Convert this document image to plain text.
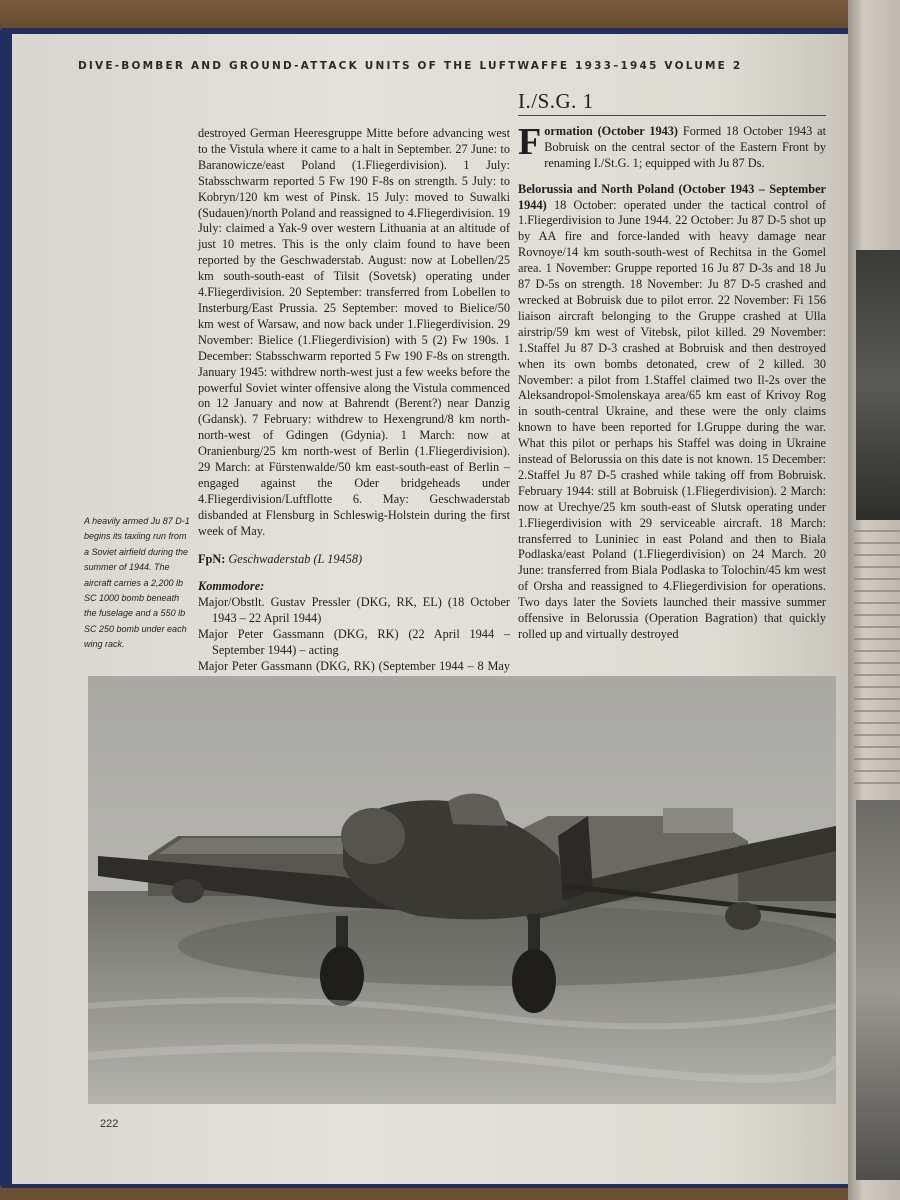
DIVE-BOMBER AND GROUND-ATTACK UNITS OF THE LUFTWAFFE 1933–1945 VOLUME 2
A heavily armed Ju 87 D-1 begins its taxiing run from a Soviet airfield during the summer of 1944. The aircraft carries a 2,200 lb SC 1000 bomb beneath the fuselage and a 550 lb SC 250 bomb under each wing rack.

destroyed German Heeresgruppe Mitte before advancing west to the Vistula where it came to a halt in September. 27 June: to Baranowicze/east Poland (1.Fliegerdivision). 1 July: Stabsschwarm reported 5 Fw 190 F-8s on strength. 5 July: to Kobryn/120 km west of Pinsk. 15 July: moved to Suwalki (Sudauen)/north Poland and reassigned to 4.Fliegerdivision. 19 July: claimed a Yak-9 over western Lithuania at an altitude of just 10 metres. This is the only claim found to have been reported by the Geschwaderstab. August: now at Lobellen/25 km south-south-east of Tilsit (Sovetsk) operating under 4.Fliegerdivision. 20 September: transferred from Lobellen to Insterburg/East Prussia. 25 September: moved to Bielice/50 km west of Warsaw, and now back under 1.Fliegerdivision. 29 November: Bielice (1.Fliegerdivision) with 5 (2) Fw 190s. 1 December: Stabsschwarm reported 5 Fw 190 F-8s on strength. January 1945: withdrew north-west just a few weeks before the powerful Soviet winter offensive along the Vistula commenced on 12 January and now at Bahrendt (Berent?) near Danzig (Gdansk). 7 February: withdrew to Hexengrund/8 km north-north-west of Gdingen (Gdynia). 1 March: now at Oranienburg/25 km north-west of Berlin (1.Fliegerdivision). 29 March: at Fürstenwalde/50 km east-south-east of Berlin – engaged against the Oder bridgeheads under 4.Fliegerdivision/Luftflotte 6. May: Geschwaderstab disbanded at Flensburg in Schleswig-Holstein during the first week of May.

FpN: Geschwaderstab (L 19458)

Kommodore:

Major/Obstlt. Gustav Pressler (DKG, RK, EL) (18 October 1943 – 22 April 1944)

Major Peter Gassmann (DKG, RK) (22 April 1944 – September 1944) – acting

Major Peter Gassmann (DKG, RK) (September 1944 – 8 May

I./S.G. 1

F ormation (October 1943) Formed 18 October 1943 at Bobruisk on the central sector of the Eastern Front by renaming I./St.G. 1; equipped with Ju 87 Ds.

Belorussia and North Poland (October 1943 – September 1944) 18 October: operated under the tactical control of 1.Fliegerdivision to June 1944. 22 October: Ju 87 D-5 shot up by AA fire and force-landed with heavy damage near Rovnoye/14 km south-south-west of Rechitsa in the Gomel area. 1 November: Gruppe reported 16 Ju 87 D-3s and 18 Ju 87 D-5s on strength. 18 November: Ju 87 D-5 crashed and wrecked at Bobruisk due to pilot error. 22 November: Fi 156 liaison aircraft belonging to the Gruppe crashed at Ulla airstrip/59 km west of Vitebsk, pilot killed. 29 November: 1.Staffel Ju 87 D-3 crashed at Bobruisk and then destroyed when its own bombs detonated, crew of 2 killed. 30 November: a pilot from 1.Staffel claimed two Il-2s over the Aleksandropol-Smolenskaya area/65 km east of Krivoy Rog in south-central Ukraine, and these were the only claims known to have been reported for I.Gruppe during the war. What this pilot or perhaps his Staffel was doing in Ukraine instead of Belorussia on this date is not known. 15 December: 2.Staffel Ju 87 D-5 crashed while taking off from Bobruisk. February 1944: still at Bobruisk (1.Fliegerdivision). 2 March: now at Urechye/25 km south-east of Slutsk operating under 1.Fliegerdivision with 29 serviceable aircraft. 18 March: transferred to Luniniec in east Poland and then to Biala Podlaska/east Poland (1.Fliegerdivision) on 24 March. 20 June: transferred from Biala Podlaska to Tolochin/45 km west of Orsha and reassigned to 4.Fliegerdivision for operations. Two days later the Soviets launched their massive summer offensive in Belorussia (Operation Bagration) that quickly rolled up and virtually destroyed

222
